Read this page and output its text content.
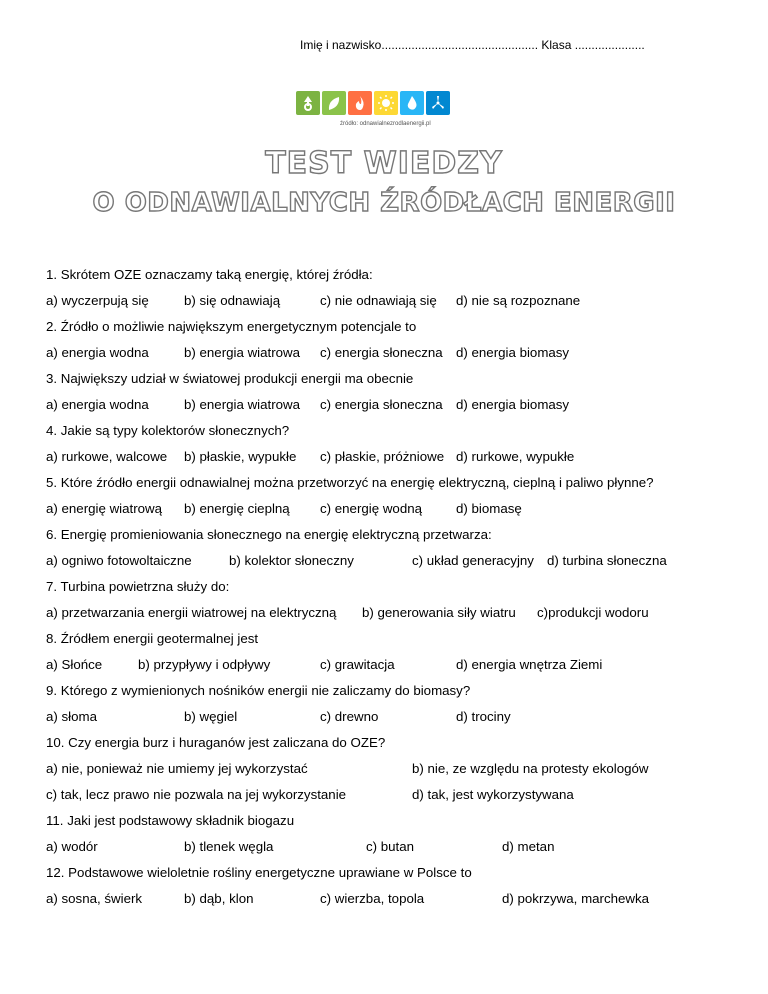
Imię i nazwisko............................................... Klasa .....................
źródło: odnawialnezrodlaenergii.pl
TEST WIEDZY
O ODNAWIALNYCH ŹRÓDŁACH ENERGII
1. Skrótem OZE oznaczamy taką energię, której źródła:
a) wyczerpują się	b) się odnawiają	c) nie odnawiają się d) nie są rozpoznane
2. Źródło o możliwie największym energetycznym potencjale to
a) energia wodna	b) energia wiatrowa c) energia słoneczna d) energia biomasy
3. Największy udział w światowej produkcji energii ma obecnie
a) energia wodna	b) energia wiatrowa c) energia słoneczna d) energia biomasy
4. Jakie są typy kolektorów słonecznych?
a) rurkowe, walcowe b) płaskie, wypukłe c) płaskie, próżniowe d) rurkowe, wypukłe
5. Które źródło energii odnawialnej można przetworzyć na energię elektryczną, cieplną i paliwo płynne?
a) energię wiatrową b) energię cieplną c) energię wodną	d) biomasę
6. Energię promieniowania słonecznego na energię elektryczną przetwarza:
a) ogniwo fotowoltaiczne	b) kolektor słoneczny	c) układ generacyjny d) turbina słoneczna
7. Turbina powietrzna służy do:
a) przetwarzania energii wiatrowej na elektryczną b) generowania siły wiatru c)produkcji wodoru
8. Źródłem energii geotermalnej jest
a) Słońce	b) przypływy i odpływy	c) grawitacja	d) energia wnętrza Ziemi
9. Którego z wymienionych nośników energii nie zaliczamy do biomasy?
a) słoma	b) węgiel	c) drewno	d) trociny
10. Czy energia burz i huraganów jest zaliczana do OZE?
a) nie, ponieważ nie umiemy jej wykorzystać	b) nie, ze względu na protesty ekologów
c) tak, lecz prawo nie pozwala na jej wykorzystanie	d) tak, jest wykorzystywana
11. Jaki jest podstawowy składnik biogazu
a) wodór	b) tlenek węgla	c) butan	d) metan
12. Podstawowe wieloletnie rośliny energetyczne uprawiane w Polsce to
a) sosna, świerk	b) dąb, klon	c) wierzba, topola	d) pokrzywa, marchewka
